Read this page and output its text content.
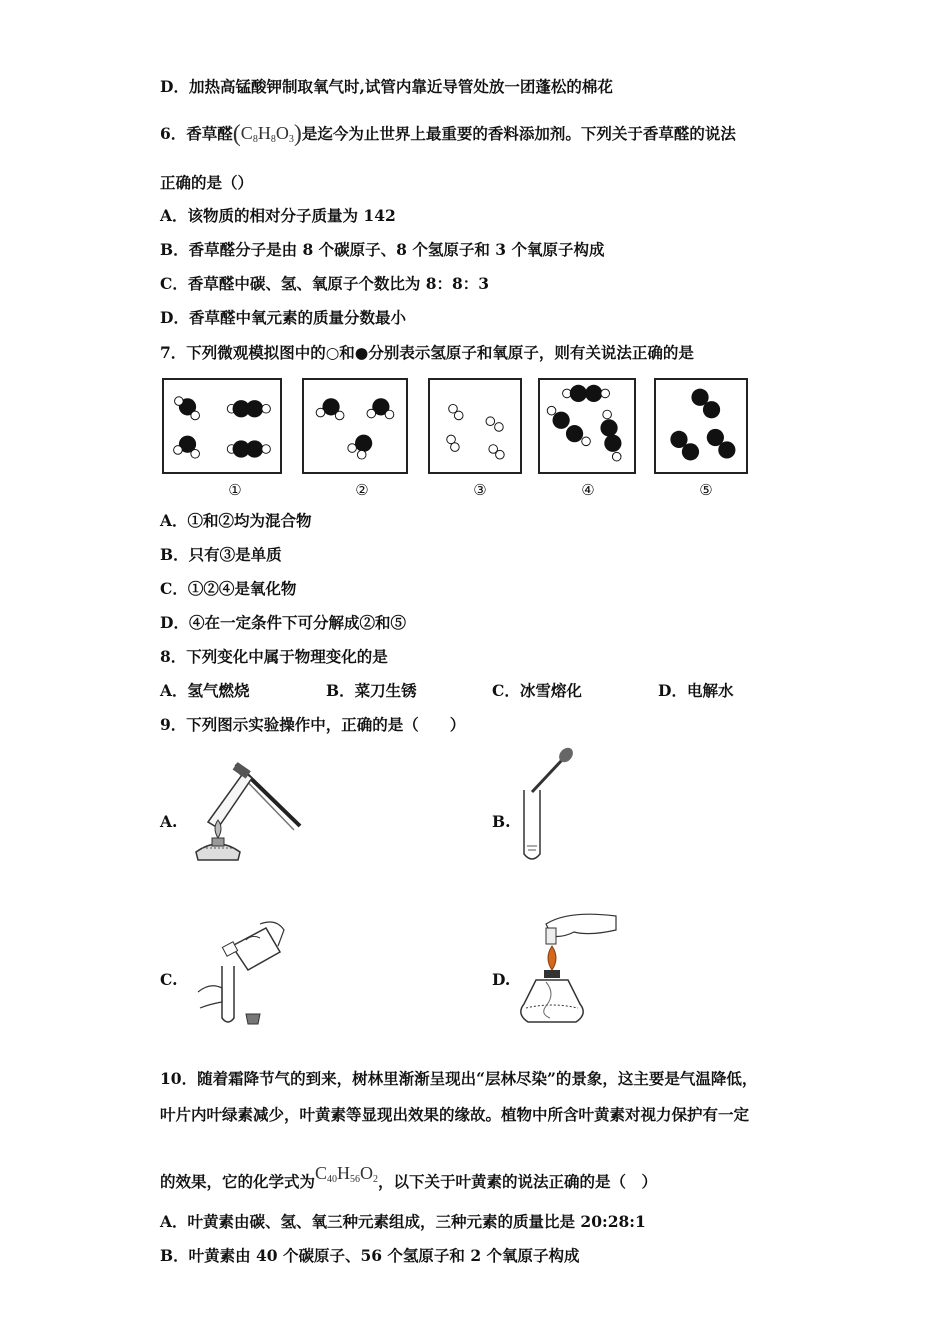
D．加热高锰酸钾制取氧气时,试管内靠近导管处放一团蓬松的棉花
6．香草醛$(C_8H_8O_3)$是迄今为止世界上最重要的香料添加剂。下列关于香草醛的说法
正确的是（）
A．该物质的相对分子质量为 142
B．香草醛分子是由 8 个碳原子、8 个氢原子和 3 个氧原子构成
C．香草醛中碳、氢、氧原子个数比为 8：8：3
D．香草醛中氧元素的质量分数最小
7．下列微观模拟图中的○和●分别表示氢原子和氧原子，则有关说法正确的是
①	②	③	④	⑤
A．①和②均为混合物
B．只有③是单质
C．①②④是氧化物
D．④在一定条件下可分解成②和⑤
8．下列变化中属于物理变化的是
A．氢气燃烧	B．菜刀生锈	C．冰雪熔化	D．电解水
9．下列图示实验操作中，正确的是（　　）
A.	B.
C.	D.
10．随着霜降节气的到来，树林里渐渐呈现出“层林尽染”的景象，这主要是气温降低，
叶片内叶绿素减少，叶黄素等显现出效果的缘故。植物中所含叶黄素对视力保护有一定
的效果，它的化学式为$C_{40}H_{56}O_2$，以下关于叶黄素的说法正确的是（　）
A．叶黄素由碳、氢、氧三种元素组成，三种元素的质量比是 20:28:1
B．叶黄素由 40 个碳原子、56 个氢原子和 2 个氧原子构成
